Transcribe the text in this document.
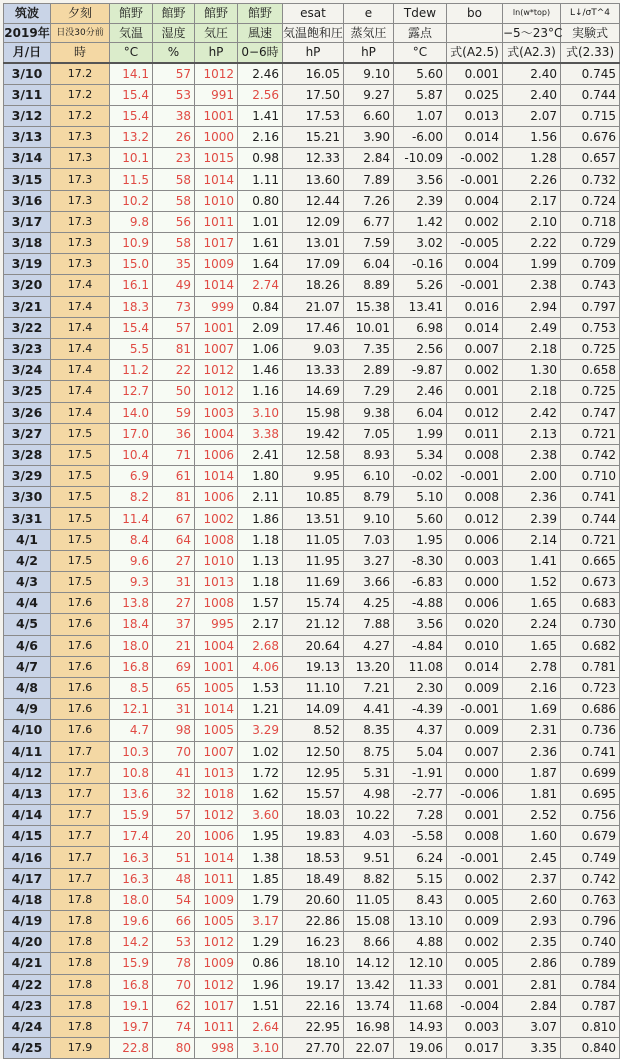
筑波	夕刻	館野	館野	館野	館野	esat	e	Tdew	bo	ln(w*top)	L↓/σT^4
2019年	日没30分前	気温	湿度	気圧	風速	気温飽和圧	蒸気圧	露点		−5〜23°C	実験式
月/日	時	°C	%	hP	0−6時	hP	hP	°C	式(A2.5)	式(A2.3)	式(2.33)
3/10	17.2	14.1	57	1012	2.46	16.05	9.10	5.60	0.001	2.40	0.745
3/11	17.2	15.4	53	991	2.56	17.50	9.27	5.87	0.025	2.40	0.744
3/12	17.2	15.4	38	1001	1.41	17.53	6.60	1.07	0.013	2.07	0.715
3/13	17.3	13.2	26	1000	2.16	15.21	3.90	-6.00	0.014	1.56	0.676
3/14	17.3	10.1	23	1015	0.98	12.33	2.84	-10.09	-0.002	1.28	0.657
3/15	17.3	11.5	58	1014	1.11	13.60	7.89	3.56	-0.001	2.26	0.732
3/16	17.3	10.2	58	1010	0.80	12.44	7.26	2.39	0.004	2.17	0.724
3/17	17.3	9.8	56	1011	1.01	12.09	6.77	1.42	0.002	2.10	0.718
3/18	17.3	10.9	58	1017	1.61	13.01	7.59	3.02	-0.005	2.22	0.729
3/19	17.3	15.0	35	1009	1.64	17.09	6.04	-0.16	0.004	1.99	0.709
3/20	17.4	16.1	49	1014	2.74	18.26	8.89	5.26	-0.001	2.38	0.743
3/21	17.4	18.3	73	999	0.84	21.07	15.38	13.41	0.016	2.94	0.797
3/22	17.4	15.4	57	1001	2.09	17.46	10.01	6.98	0.014	2.49	0.753
3/23	17.4	5.5	81	1007	1.06	9.03	7.35	2.56	0.007	2.18	0.725
3/24	17.4	11.2	22	1012	1.46	13.33	2.89	-9.87	0.002	1.30	0.658
3/25	17.4	12.7	50	1012	1.16	14.69	7.29	2.46	0.001	2.18	0.725
3/26	17.4	14.0	59	1003	3.10	15.98	9.38	6.04	0.012	2.42	0.747
3/27	17.5	17.0	36	1004	3.38	19.42	7.05	1.99	0.011	2.13	0.721
3/28	17.5	10.4	71	1006	2.41	12.58	8.93	5.34	0.008	2.38	0.742
3/29	17.5	6.9	61	1014	1.80	9.95	6.10	-0.02	-0.001	2.00	0.710
3/30	17.5	8.2	81	1006	2.11	10.85	8.79	5.10	0.008	2.36	0.741
3/31	17.5	11.4	67	1002	1.86	13.51	9.10	5.60	0.012	2.39	0.744
4/1	17.5	8.4	64	1008	1.18	11.05	7.03	1.95	0.006	2.14	0.721
4/2	17.5	9.6	27	1010	1.13	11.95	3.27	-8.30	0.003	1.41	0.665
4/3	17.5	9.3	31	1013	1.18	11.69	3.66	-6.83	0.000	1.52	0.673
4/4	17.6	13.8	27	1008	1.57	15.74	4.25	-4.88	0.006	1.65	0.683
4/5	17.6	18.4	37	995	2.17	21.12	7.88	3.56	0.020	2.24	0.730
4/6	17.6	18.0	21	1004	2.68	20.64	4.27	-4.84	0.010	1.65	0.682
4/7	17.6	16.8	69	1001	4.06	19.13	13.20	11.08	0.014	2.78	0.781
4/8	17.6	8.5	65	1005	1.53	11.10	7.21	2.30	0.009	2.16	0.723
4/9	17.6	12.1	31	1014	1.21	14.09	4.41	-4.39	-0.001	1.69	0.686
4/10	17.6	4.7	98	1005	3.29	8.52	8.35	4.37	0.009	2.31	0.736
4/11	17.7	10.3	70	1007	1.02	12.50	8.75	5.04	0.007	2.36	0.741
4/12	17.7	10.8	41	1013	1.72	12.95	5.31	-1.91	0.000	1.87	0.699
4/13	17.7	13.6	32	1018	1.62	15.57	4.98	-2.77	-0.006	1.81	0.695
4/14	17.7	15.9	57	1012	3.60	18.03	10.22	7.28	0.001	2.52	0.756
4/15	17.7	17.4	20	1006	1.95	19.83	4.03	-5.58	0.008	1.60	0.679
4/16	17.7	16.3	51	1014	1.38	18.53	9.51	6.24	-0.001	2.45	0.749
4/17	17.7	16.3	48	1011	1.85	18.49	8.82	5.15	0.002	2.37	0.742
4/18	17.8	18.0	54	1009	1.79	20.60	11.05	8.43	0.005	2.60	0.763
4/19	17.8	19.6	66	1005	3.17	22.86	15.08	13.10	0.009	2.93	0.796
4/20	17.8	14.2	53	1012	1.29	16.23	8.66	4.88	0.002	2.35	0.740
4/21	17.8	15.9	78	1009	0.86	18.10	14.12	12.10	0.005	2.86	0.789
4/22	17.8	16.8	70	1012	1.96	19.17	13.42	11.33	0.001	2.81	0.784
4/23	17.8	19.1	62	1017	1.51	22.16	13.74	11.68	-0.004	2.84	0.787
4/24	17.8	19.7	74	1011	2.64	22.95	16.98	14.93	0.003	3.07	0.810
4/25	17.9	22.8	80	998	3.10	27.70	22.07	19.06	0.017	3.35	0.840
